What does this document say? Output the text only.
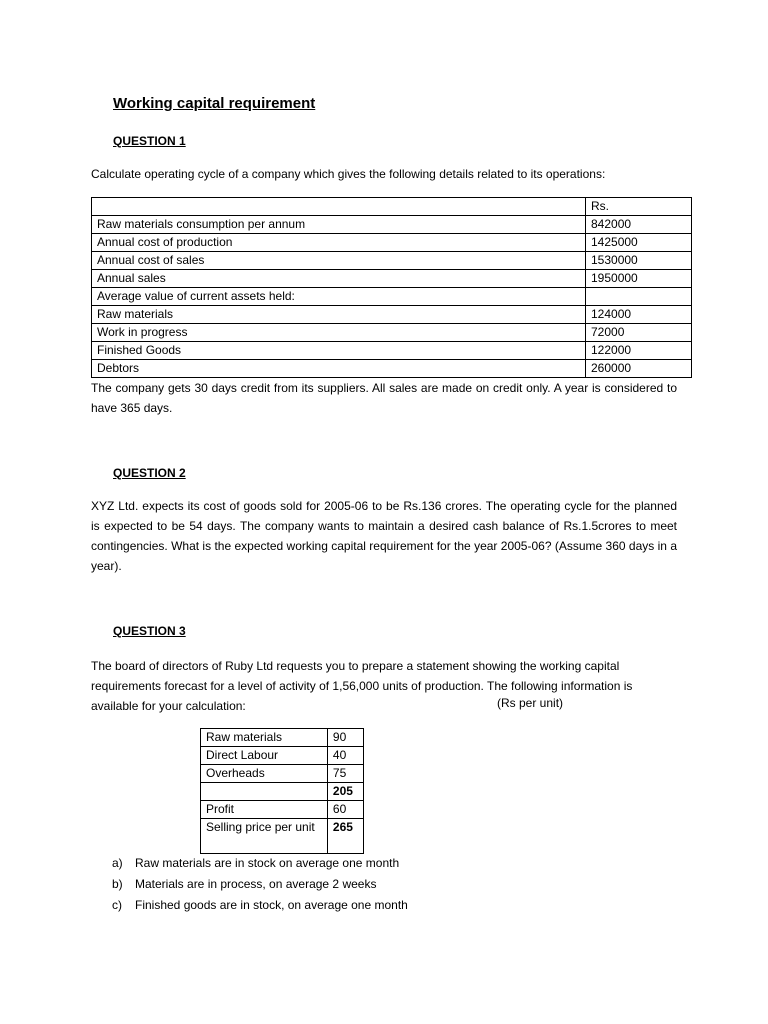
Working capital requirement
QUESTION 1
Calculate operating cycle of a company which gives the following details related to its operations:
	Rs.
Raw materials consumption per annum	842000
Annual cost of production	1425000
Annual cost of sales	1530000
Annual sales	1950000
Average value of current assets held:	
Raw materials	124000
Work in progress	72000
Finished Goods	122000
Debtors	260000
The company gets 30 days credit from its suppliers. All sales are made on credit only. A year is considered to have 365 days.
QUESTION 2
XYZ Ltd. expects its cost of goods sold for 2005-06 to be Rs.136 crores. The operating cycle for the planned is expected to be 54 days. The company wants to maintain a desired cash balance of Rs.1.5crores to meet contingencies. What is the expected working capital requirement for the year 2005-06? (Assume 360 days in a year).
QUESTION 3
The board of directors of Ruby Ltd requests you to prepare a statement showing the working capital requirements forecast for a level of activity of 1,56,000 units of production. The following information is available for your calculation:	(Rs per unit)
Raw materials	90
Direct Labour	40
Overheads	75
	205
Profit	60
Selling price per unit	265
a) Raw materials are in stock on average one month
b) Materials are in process, on average 2 weeks
c) Finished goods are in stock, on average one month
